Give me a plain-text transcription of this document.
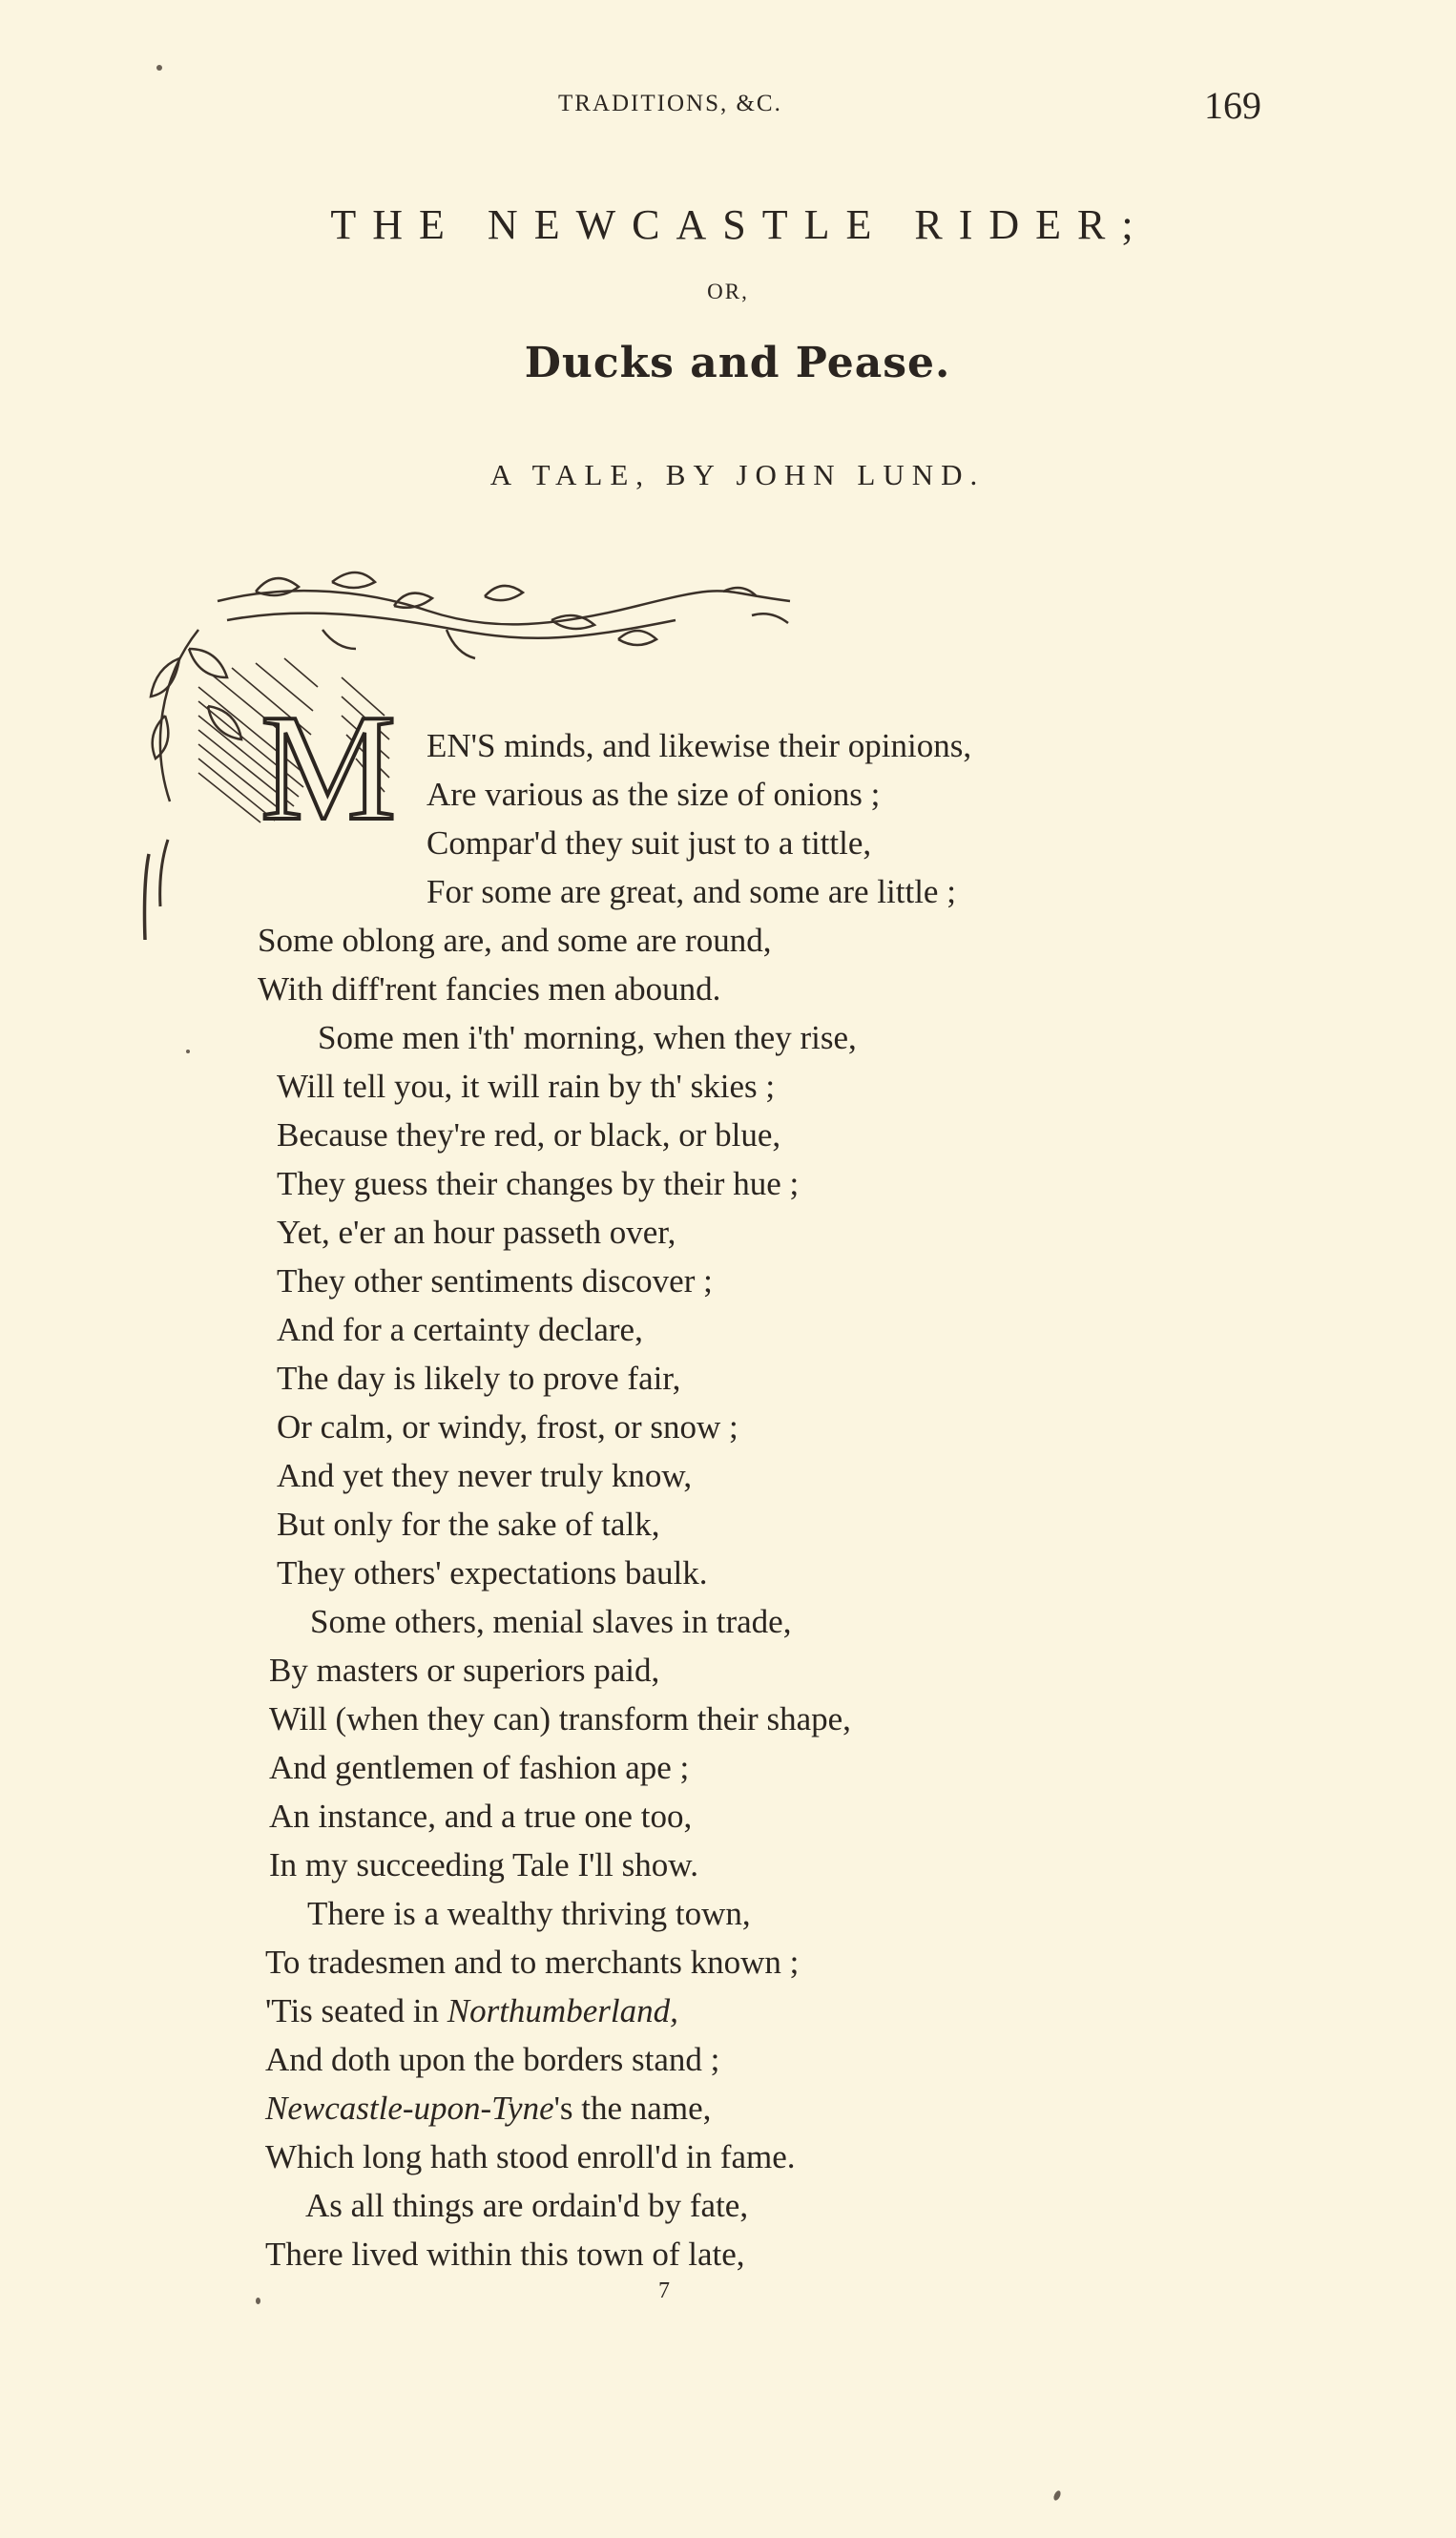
TRADITIONS, &C.	169
THE NEWCASTLE RIDER;
OR,
Ducks and Pease.
A TALE, BY JOHN LUND.
M EN'S minds, and likewise their opinions,
Are various as the size of onions ;
Compar'd they suit just to a tittle,
For some are great, and some are little ;
Some oblong are, and some are round,
With diff'rent fancies men abound.
Some men i'th' morning, when they rise,
Will tell you, it will rain by th' skies ;
Because they're red, or black, or blue,
They guess their changes by their hue ;
Yet, e'er an hour passeth over,
They other sentiments discover ;
And for a certainty declare,
The day is likely to prove fair,
Or calm, or windy, frost, or snow ;
And yet they never truly know,
But only for the sake of talk,
They others' expectations baulk.
Some others, menial slaves in trade,
By masters or superiors paid,
Will (when they can) transform their shape,
And gentlemen of fashion ape ;
An instance, and a true one too,
In my succeeding Tale I'll show.
There is a wealthy thriving town,
To tradesmen and to merchants known ;
'Tis seated in Northumberland,
And doth upon the borders stand ;
Newcastle-upon-Tyne's the name,
Which long hath stood enroll'd in fame.
As all things are ordain'd by fate,
There lived within this town of late,
7
